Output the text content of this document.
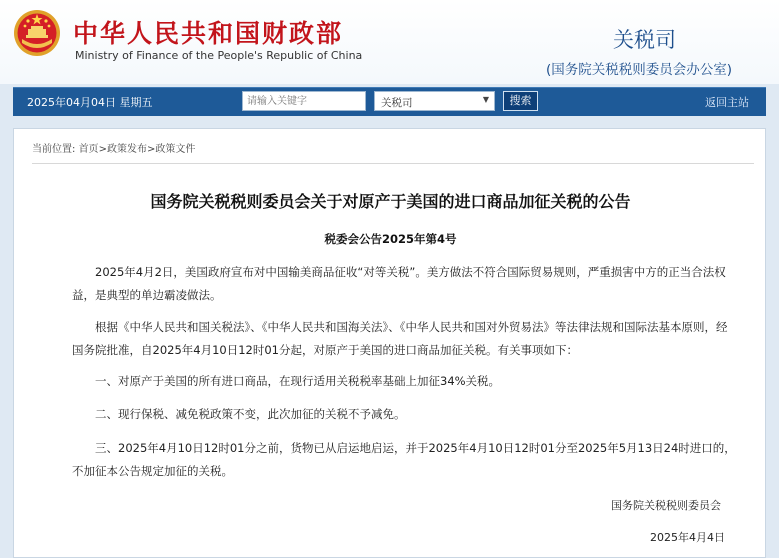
中华人民共和国财政部
Ministry of Finance of the People's Republic of China
关税司
(国务院关税税则委员会办公室)
2025年04月04日 星期五
请输入关键字	关税司	▼	搜索	返回主站
当前位置: 首页>政策发布>政策文件
国务院关税税则委员会关于对原产于美国的进口商品加征关税的公告
税委会公告2025年第4号
2025年4月2日，美国政府宣布对中国输美商品征收“对等关税”。美方做法不符合国际贸易规则，严重损害中方的正当合法权益，是典型的单边霸凌做法。
根据《中华人民共和国关税法》、《中华人民共和国海关法》、《中华人民共和国对外贸易法》等法律法规和国际法基本原则，经国务院批准，自2025年4月10日12时01分起，对原产于美国的进口商品加征关税。有关事项如下：
一、对原产于美国的所有进口商品，在现行适用关税税率基础上加征34%关税。
二、现行保税、减免税政策不变，此次加征的关税不予减免。
三、2025年4月10日12时01分之前，货物已从启运地启运，并于2025年4月10日12时01分至2025年5月13日24时进口的，不加征本公告规定加征的关税。
国务院关税税则委员会
2025年4月4日
